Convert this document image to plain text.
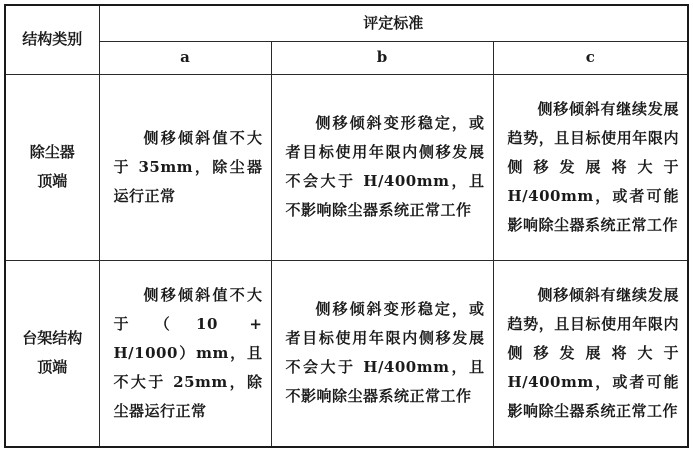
结构类别	评定标准		
	a	b	c
除尘器
顶端	侧移倾斜值不大于 35mm，除尘器运行正常	侧移倾斜变形稳定，或者目标使用年限内侧移发展不会大于 H/400mm，且不影响除尘器系统正常工作	侧移倾斜有继续发展趋势，且目标使用年限内侧移发展将大于 H/400mm，或者可能影响除尘器系统正常工作

台架结构
顶端	侧移倾斜值不大于（10 + H/1000）mm，且不大于 25mm，除尘器运行正常	侧移倾斜变形稳定，或者目标使用年限内侧移发展不会大于 H/400mm，且不影响除尘器系统正常工作	侧移倾斜有继续发展趋势，且目标使用年限内侧移发展将大于 H/400mm，或者可能影响除尘器系统正常工作
